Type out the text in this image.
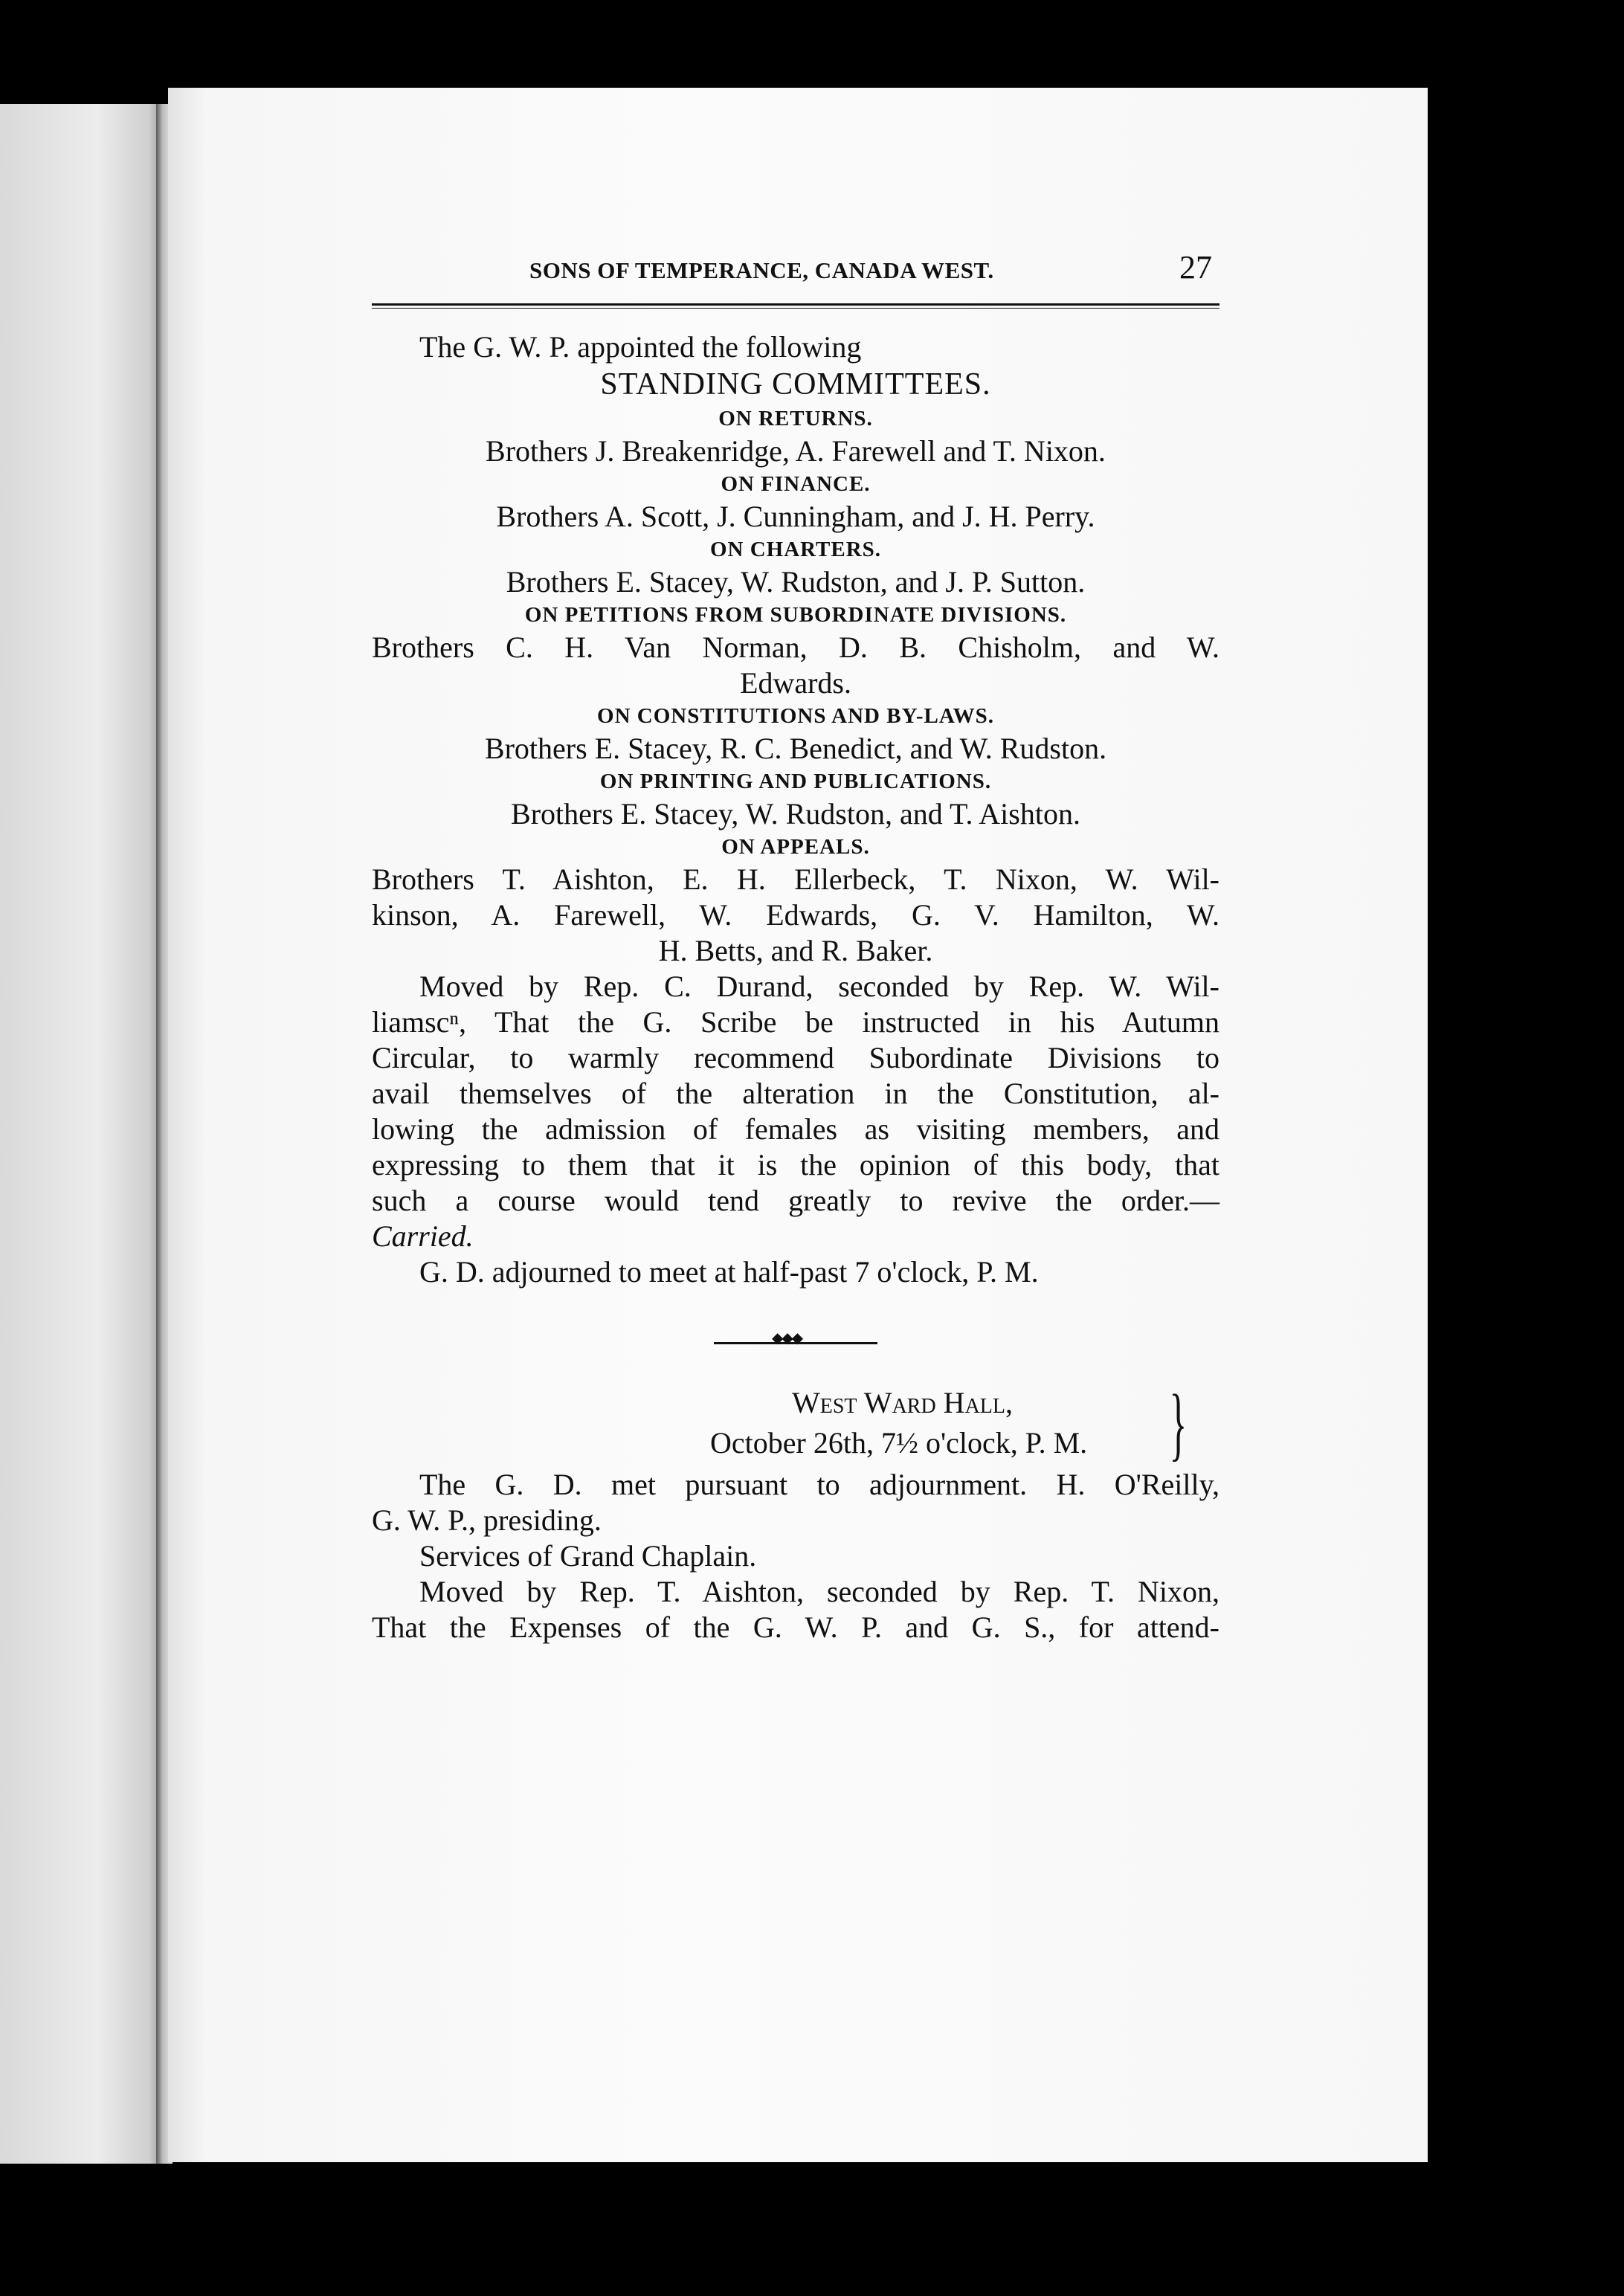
SONS OF TEMPERANCE, CANADA WEST.	27
The G. W. P. appointed the following
STANDING COMMITTEES.
ON RETURNS.
Brothers J. Breakenridge, A. Farewell and T. Nixon.
ON FINANCE.
Brothers A. Scott, J. Cunningham, and J. H. Perry.
ON CHARTERS.
Brothers E. Stacey, W. Rudston, and J. P. Sutton.
ON PETITIONS FROM SUBORDINATE DIVISIONS.
Brothers C. H. Van Norman, D. B. Chisholm, and W.
Edwards.
ON CONSTITUTIONS AND BY-LAWS.
Brothers E. Stacey, R. C. Benedict, and W. Rudston.
ON PRINTING AND PUBLICATIONS.
Brothers E. Stacey, W. Rudston, and T. Aishton.
ON APPEALS.
Brothers T. Aishton, E. H. Ellerbeck, T. Nixon, W. Wil-
kinson, A. Farewell, W. Edwards, G. V. Hamilton, W.
H. Betts, and R. Baker.
Moved by Rep. C. Durand, seconded by Rep. W. Wil-
liamscⁿ, That the G. Scribe be instructed in his Autumn
Circular, to warmly recommend Subordinate Divisions to
avail themselves of the alteration in the Constitution, al-
lowing the admission of females as visiting members, and
expressing to them that it is the opinion of this body, that
such a course would tend greatly to revive the order.—
Carried.
G. D. adjourned to meet at half-past 7 o'clock, P. M.
◆◆◆
West Ward Hall,
October 26th, 7½ o'clock, P. M. }
The G. D. met pursuant to adjournment. H. O'Reilly,
G. W. P., presiding.
Services of Grand Chaplain.
Moved by Rep. T. Aishton, seconded by Rep. T. Nixon,
That the Expenses of the G. W. P. and G. S., for attend-
